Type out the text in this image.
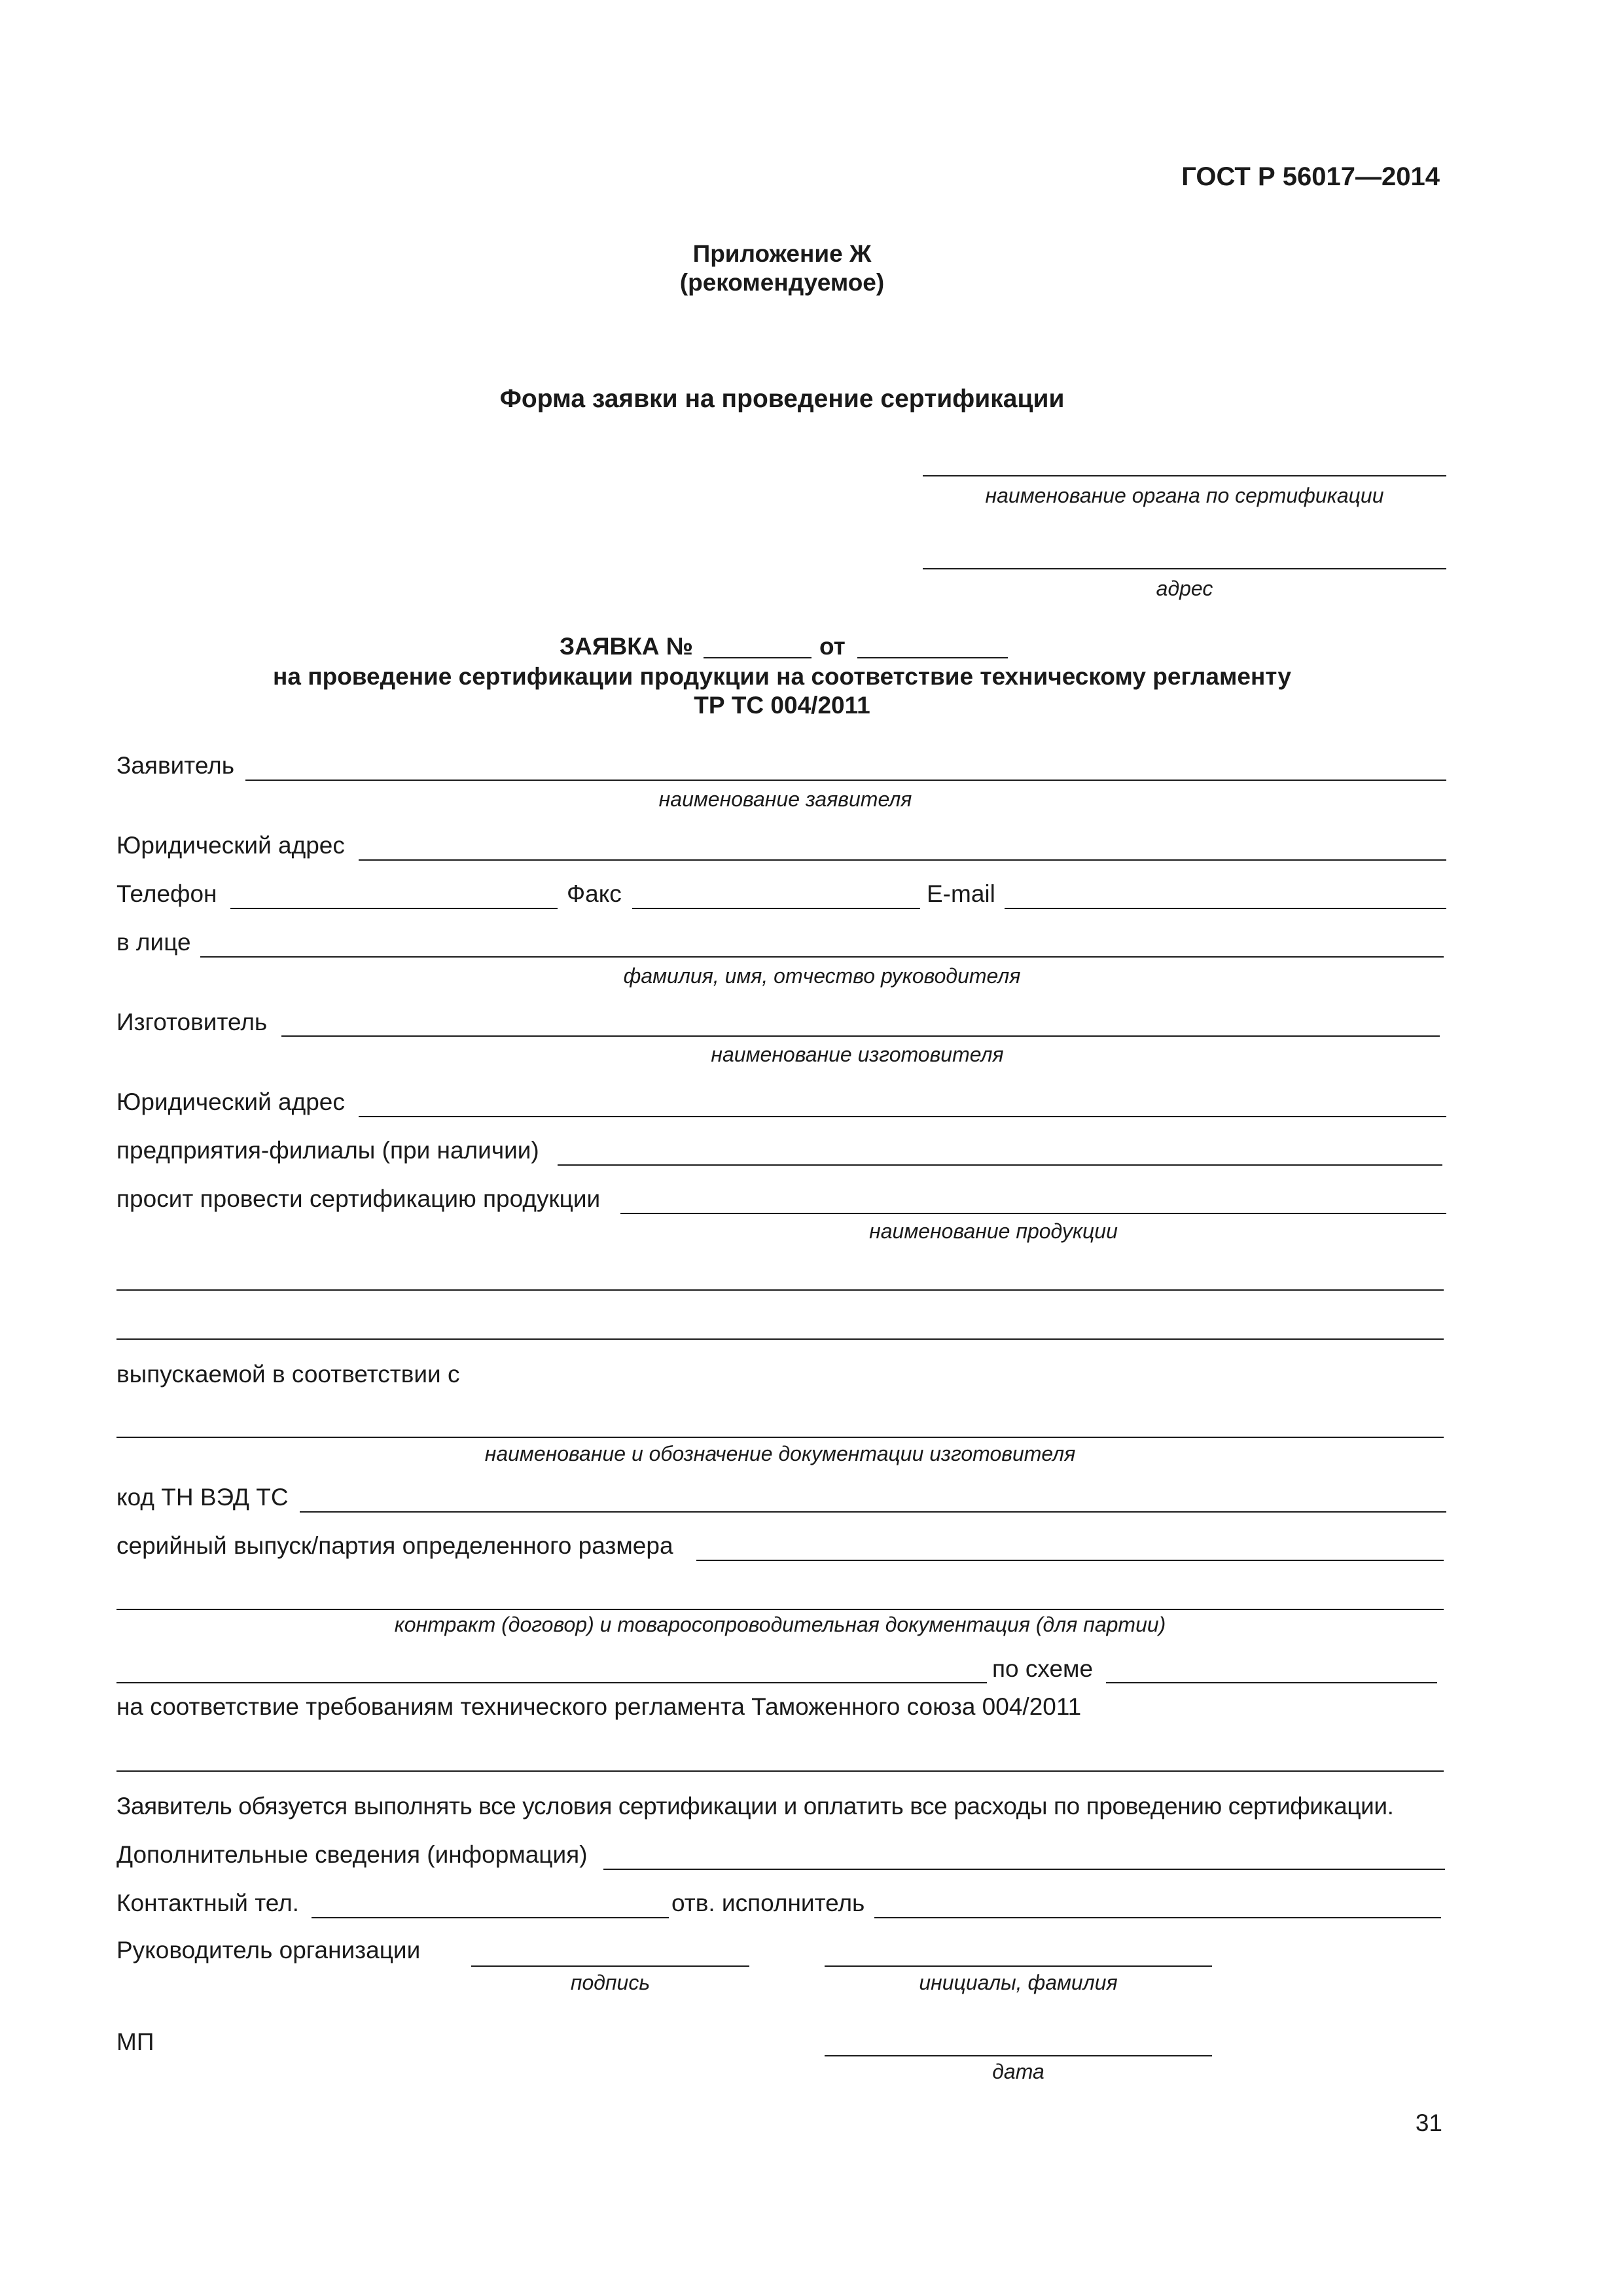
ГОСТ Р 56017—2014
Приложение Ж
(рекомендуемое)
Форма заявки на проведение сертификации
наименование органа по сертификации
адрес
ЗАЯВКА №	от
на проведение сертификации продукции на соответствие техническому регламенту
ТР ТС 004/2011
Заявитель
наименование заявителя
Юридический адрес
Телефон	Факс	E-mail
в лице
фамилия, имя, отчество руководителя
Изготовитель
наименование изготовителя
Юридический адрес
предприятия-филиалы (при наличии)
просит провести сертификацию продукции
наименование продукции
выпускаемой в соответствии с
наименование и обозначение документации изготовителя
код ТН ВЭД ТС
серийный выпуск/партия определенного размера
контракт (договор) и товаросопроводительная документация (для партии)
по схеме
на соответствие требованиям технического регламента Таможенного союза 004/2011
Заявитель обязуется выполнять все условия сертификации и оплатить все расходы по проведению сертификации.
Дополнительные сведения (информация)
Контактный тел.	отв. исполнитель
Руководитель организации
подпись	инициалы, фамилия
МП
дата
31
